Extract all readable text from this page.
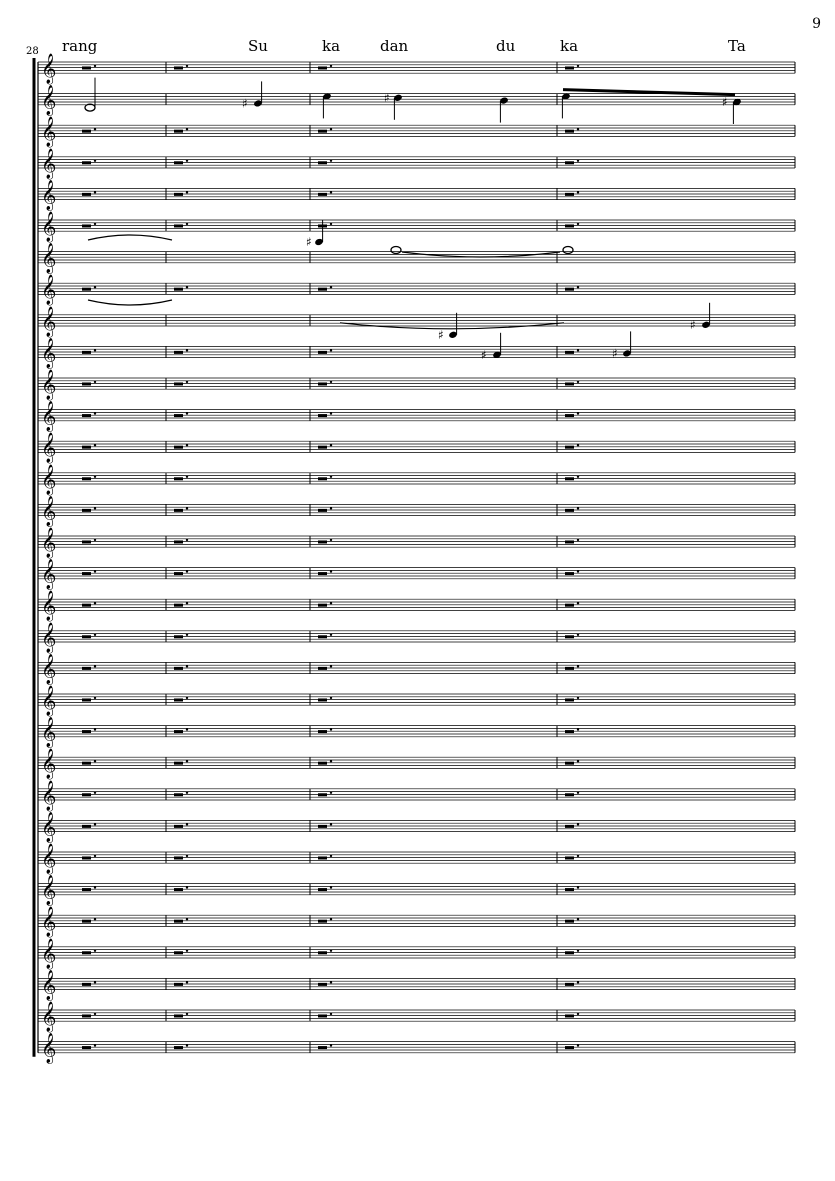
9
28 rang	Su	ka	dan	du	ka	Ta
𝄞
𝄞
𝄞
𝄞
𝄞
𝄞
𝄞
𝄞
𝄞
𝄞
𝄞
𝄞
𝄞
𝄞
𝄞
𝄞
𝄞
𝄞
𝄞
𝄞
𝄞
𝄞
𝄞
𝄞
𝄞
𝄞
𝄞
𝄞
𝄞
𝄞
𝄞
𝄞
♯	♯	♯
♯
♯
♯
♯	♯
